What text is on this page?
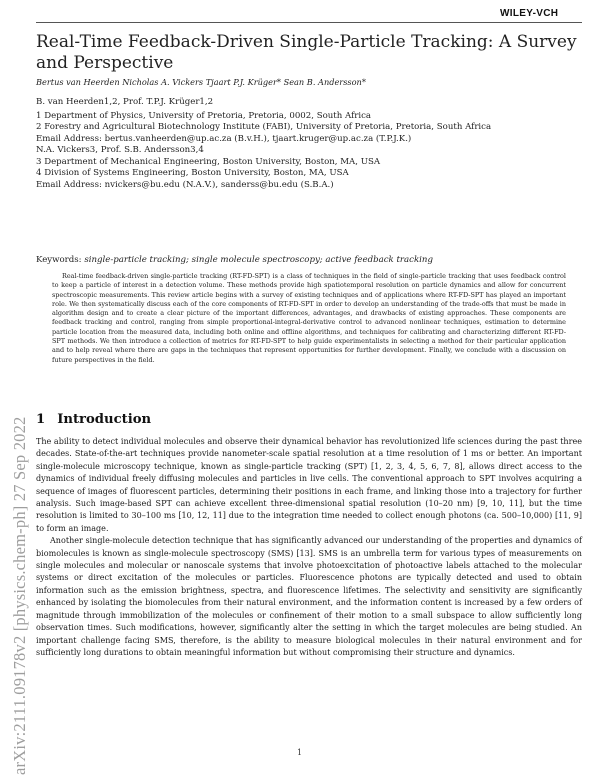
WILEY-VCH
Real-Time Feedback-Driven Single-Particle Tracking: A Survey and Perspective
Bertus van Heerden Nicholas A. Vickers Tjaart P.J. Krüger* Sean B. Andersson*
B. van Heerden1,2, Prof. T.P.J. Krüger1,2
1 Department of Physics, University of Pretoria, Pretoria, 0002, South Africa
2 Forestry and Agricultural Biotechnology Institute (FABI), University of Pretoria, Pretoria, South Africa
Email Address: bertus.vanheerden@up.ac.za (B.v.H.), tjaart.kruger@up.ac.za (T.P.J.K.)
N.A. Vickers3, Prof. S.B. Andersson3,4
3 Department of Mechanical Engineering, Boston University, Boston, MA, USA
4 Division of Systems Engineering, Boston University, Boston, MA, USA
Email Address: nvickers@bu.edu (N.A.V.), sanderss@bu.edu (S.B.A.)
Keywords: single-particle tracking; single molecule spectroscopy; active feedback tracking
Real-time feedback-driven single-particle tracking (RT-FD-SPT) is a class of techniques in the field of single-particle tracking that uses feedback control to keep a particle of interest in a detection volume. These methods provide high spatiotemporal resolution on particle dynamics and allow for concurrent spectroscopic measurements. This review article begins with a survey of existing techniques and of applications where RT-FD-SPT has played an important role. We then systematically discuss each of the core components of RT-FD-SPT in order to develop an understanding of the trade-offs that must be made in algorithm design and to create a clear picture of the important differences, advantages, and drawbacks of existing approaches. These components are feedback tracking and control, ranging from simple proportional-integral-derivative control to advanced nonlinear techniques, estimation to determine particle location from the measured data, including both online and offline algorithms, and techniques for calibrating and characterizing different RT-FD-SPT methods. We then introduce a collection of metrics for RT-FD-SPT to help guide experimentalists in selecting a method for their particular application and to help reveal where there are gaps in the techniques that represent opportunities for further development. Finally, we conclude with a discussion on future perspectives in the field.
1 Introduction

The ability to detect individual molecules and observe their dynamical behavior has revolutionized life sciences during the past three decades. State-of-the-art techniques provide nanometer-scale spatial resolution at a time resolution of 1 ms or better. An important single-molecule microscopy technique, known as single-particle tracking (SPT) [1, 2, 3, 4, 5, 6, 7, 8], allows direct access to the dynamics of individual freely diffusing molecules and particles in live cells. The conventional approach to SPT involves acquiring a sequence of images of fluorescent particles, determining their positions in each frame, and linking those into a trajectory for further analysis. Such image-based SPT can achieve excellent three-dimensional spatial resolution (10–20 nm) [9, 10, 11], but the time resolution is limited to 30–100 ms [10, 12, 11] due to the integration time needed to collect enough photons (ca. 500–10,000) [11, 9] to form an image.

Another single-molecule detection technique that has significantly advanced our understanding of the properties and dynamics of biomolecules is known as single-molecule spectroscopy (SMS) [13]. SMS is an umbrella term for various types of measurements on single molecules and molecular or nanoscale systems that involve photoexcitation of photoactive labels attached to the molecular systems or direct excitation of the molecules or particles. Fluorescence photons are typically detected and used to obtain information such as the emission brightness, spectra, and fluorescence lifetimes. The selectivity and sensitivity are significantly enhanced by isolating the biomolecules from their natural environment, and the information content is increased by a few orders of magnitude through immobilization of the molecules or confinement of their motion to a small subspace to allow sufficiently long observation times. Such modifications, however, significantly alter the setting in which the target molecules are being studied. An important challenge facing SMS, therefore, is the ability to measure biological molecules in their natural environment and for sufficiently long durations to obtain meaningful information but without compromising their structure and dynamics.

1
arXiv:2111.09178v2 [physics.chem-ph] 27 Sep 2022
